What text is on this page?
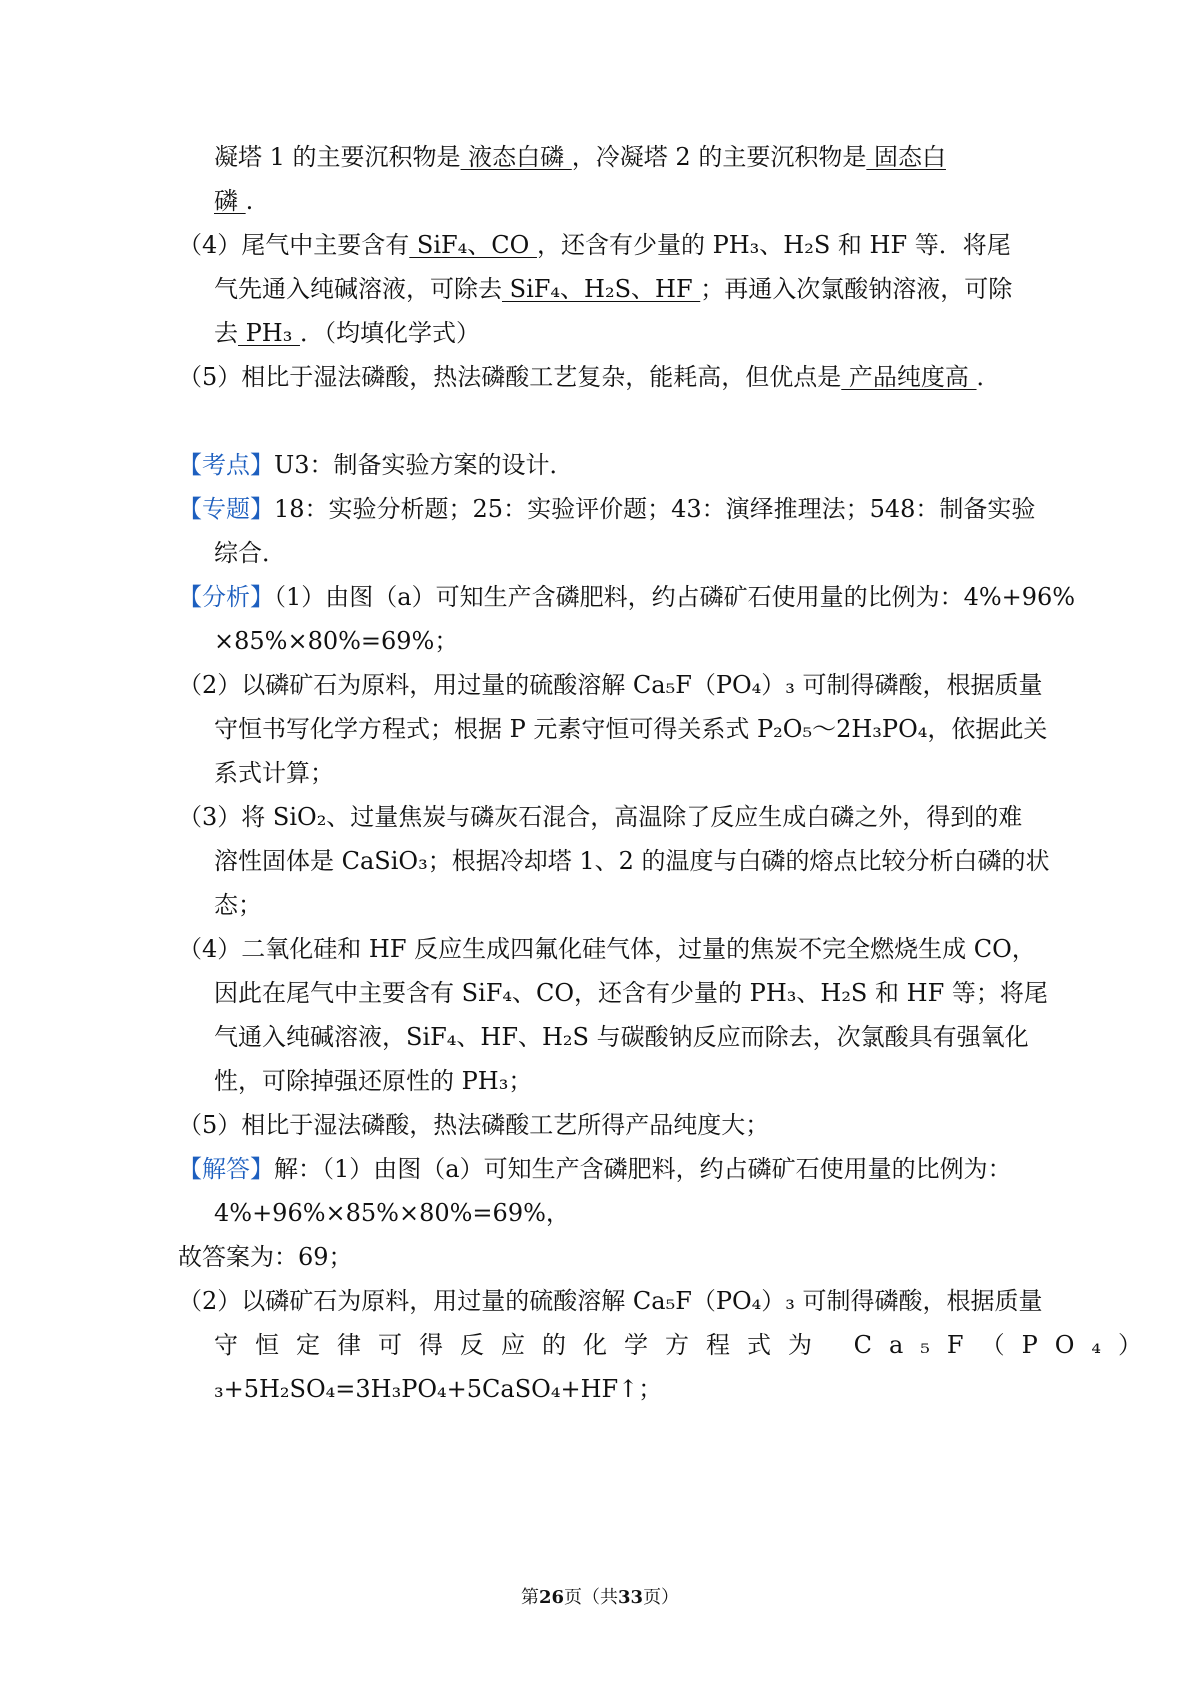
凝塔 1 的主要沉积物是 液态白磷 ，冷凝塔 2 的主要沉积物是 固态白
磷 .
（4）尾气中主要含有 SiF₄、CO ，还含有少量的 PH₃、H₂S 和 HF 等．将尾
气先通入纯碱溶液，可除去 SiF₄、H₂S、HF ；再通入次氯酸钠溶液，可除
去 PH₃ ．（均填化学式）
（5）相比于湿法磷酸，热法磷酸工艺复杂，能耗高，但优点是 产品纯度高 ．
【考点】U3：制备实验方案的设计．
【专题】18：实验分析题；25：实验评价题；43：演绎推理法；548：制备实验
综合．
【分析】（1）由图（a）可知生产含磷肥料，约占磷矿石使用量的比例为：4%+96%
×85%×80%=69%；
（2）以磷矿石为原料，用过量的硫酸溶解 Ca₅F（PO₄）₃ 可制得磷酸，根据质量
守恒书写化学方程式；根据 P 元素守恒可得关系式 P₂O₅～2H₃PO₄，依据此关
系式计算；
（3）将 SiO₂、过量焦炭与磷灰石混合，高温除了反应生成白磷之外，得到的难
溶性固体是 CaSiO₃；根据冷却塔 1、2 的温度与白磷的熔点比较分析白磷的状
态；
（4）二氧化硅和 HF 反应生成四氟化硅气体，过量的焦炭不完全燃烧生成 CO，
因此在尾气中主要含有 SiF₄、CO，还含有少量的 PH₃、H₂S 和 HF 等；将尾
气通入纯碱溶液，SiF₄、HF、H₂S 与碳酸钠反应而除去，次氯酸具有强氧化
性，可除掉强还原性的 PH₃；
（5）相比于湿法磷酸，热法磷酸工艺所得产品纯度大；
【解答】解：（1）由图（a）可知生产含磷肥料，约占磷矿石使用量的比例为：
4%+96%×85%×80%=69%，
故答案为：69；
（2）以磷矿石为原料，用过量的硫酸溶解 Ca₅F（PO₄）₃ 可制得磷酸，根据质量
守恒定律可得反应的化学方程式为 Ca₅F（PO₄）
₃+5H₂SO₄=3H₃PO₄+5CaSO₄+HF↑；
第26页（共33页）
